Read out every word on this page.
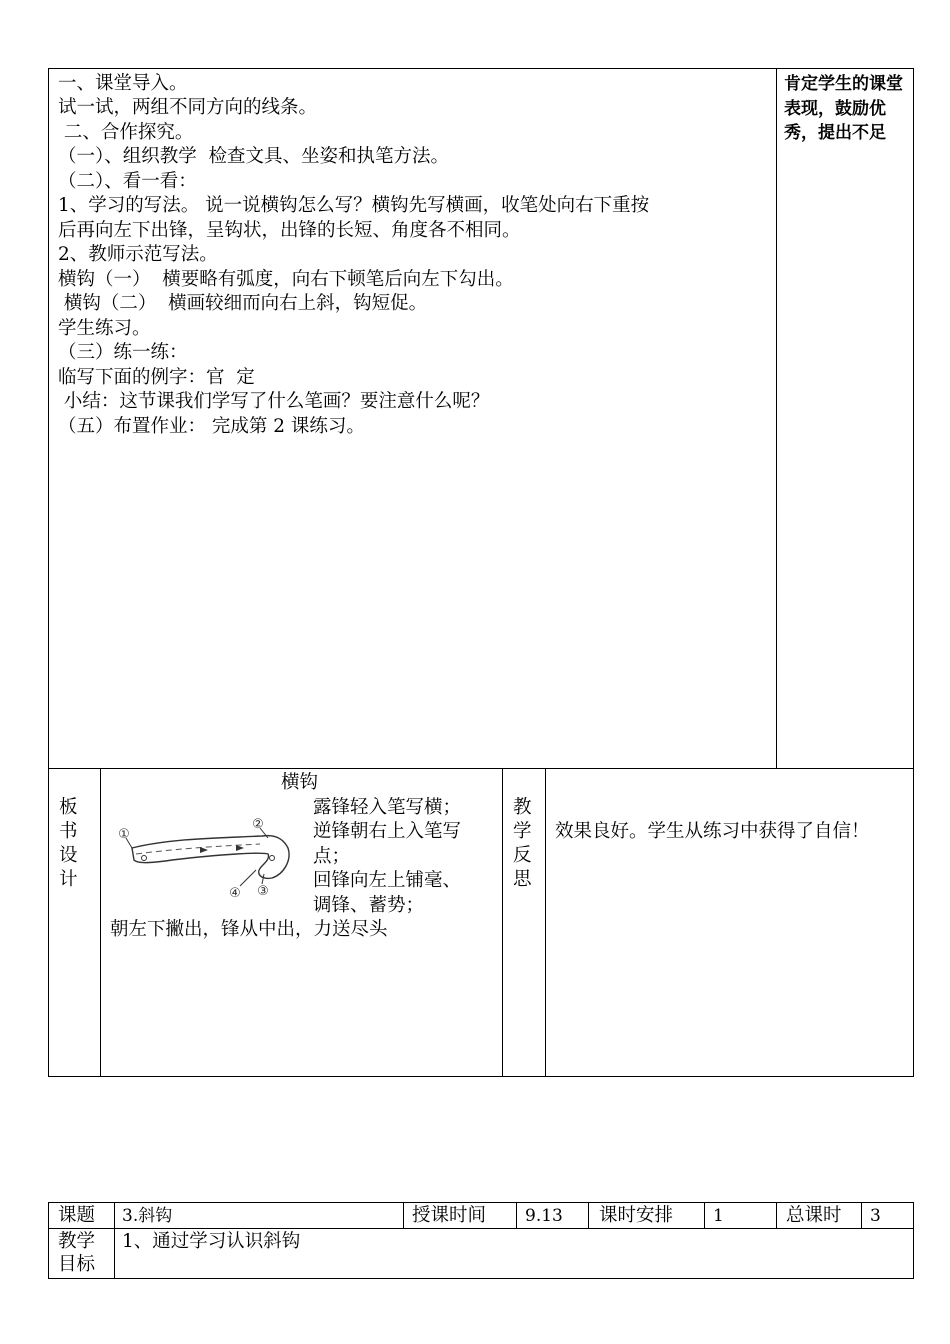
一、课堂导入。
试一试，两组不同方向的线条。
二、合作探究。
（一）、组织教学  检查文具、坐姿和执笔方法。
（二）、看一看：
1、学习的写法。 说一说横钩怎么写？横钩先写横画，收笔处向右下重按
后再向左下出锋，呈钩状，出锋的长短、角度各不相同。
2、教师示范写法。
横钩（一）  横要略有弧度，向右下顿笔后向左下勾出。
横钩（二）  横画较细而向右上斜，钩短促。
学生练习。
（三）练一练：
临写下面的例字：官  定
小结：这节课我们学写了什么笔画？要注意什么呢？
（五）布置作业： 完成第 2 课练习。
肯定学生的课堂表现，鼓励优秀，提出不足
板书设计
横钩
①
②
③
④
露锋轻入笔写横；
逆锋朝右上入笔写
点；
回锋向左上铺毫、
调锋、蓄势；
朝左下撇出，锋从中出，力送尽头
教学反思
效果良好。学生从练习中获得了自信！
课题 3.斜钩	授课时间 9.13 课时安排 1	总课时 3
教学目标
1、通过学习认识斜钩
